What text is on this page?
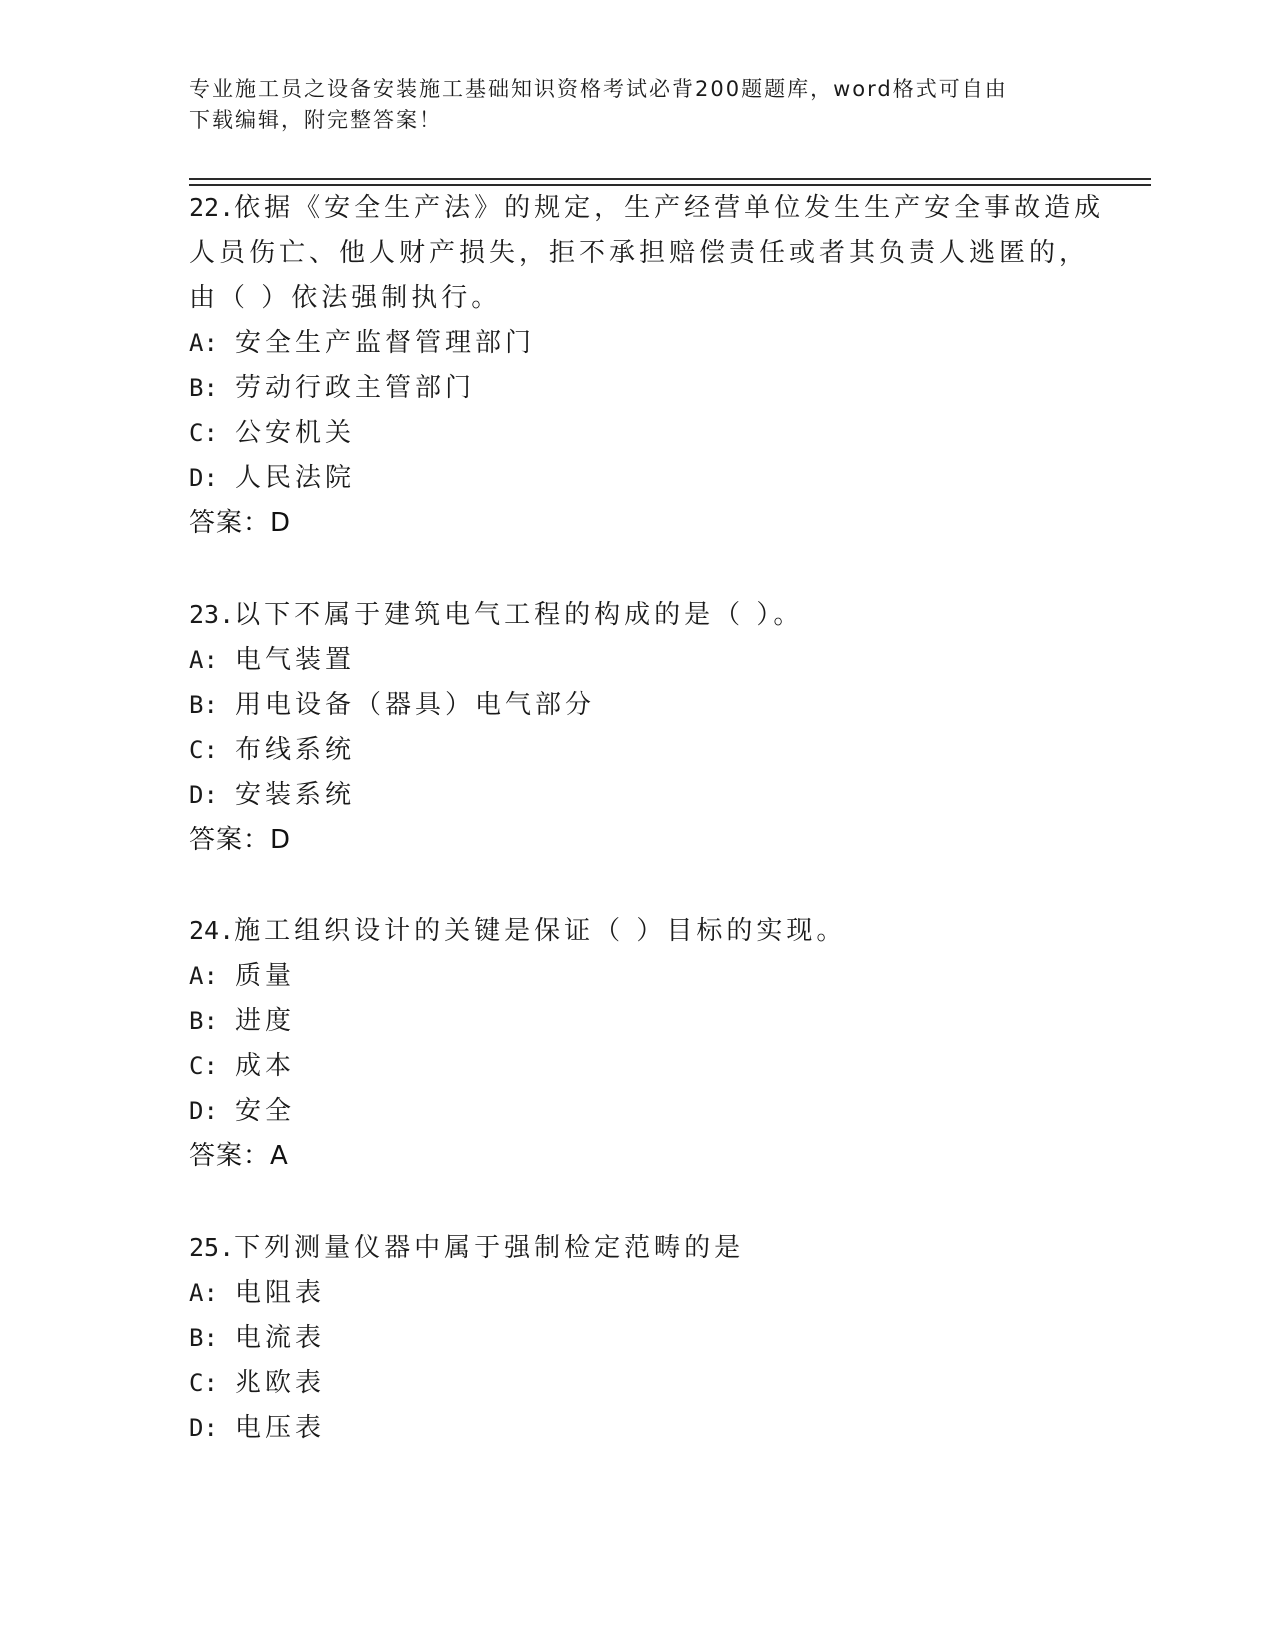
专业施工员之设备安装施工基础知识资格考试必背200题题库，word格式可自由
下载编辑，附完整答案！
22.依据《安全生产法》的规定，生产经营单位发生生产安全事故造成
人员伤亡、他人财产损失，拒不承担赔偿责任或者其负责人逃匿的，
由（ ）依法强制执行。
A: 安全生产监督管理部门
B: 劳动行政主管部门
C: 公安机关
D: 人民法院
答案：D
23.以下不属于建筑电气工程的构成的是（ ）。
A: 电气装置
B: 用电设备（器具）电气部分
C: 布线系统
D: 安装系统
答案：D
24.施工组织设计的关键是保证（ ）目标的实现。
A: 质量
B: 进度
C: 成本
D: 安全
答案：A
25.下列测量仪器中属于强制检定范畴的是
A: 电阻表
B: 电流表
C: 兆欧表
D: 电压表
